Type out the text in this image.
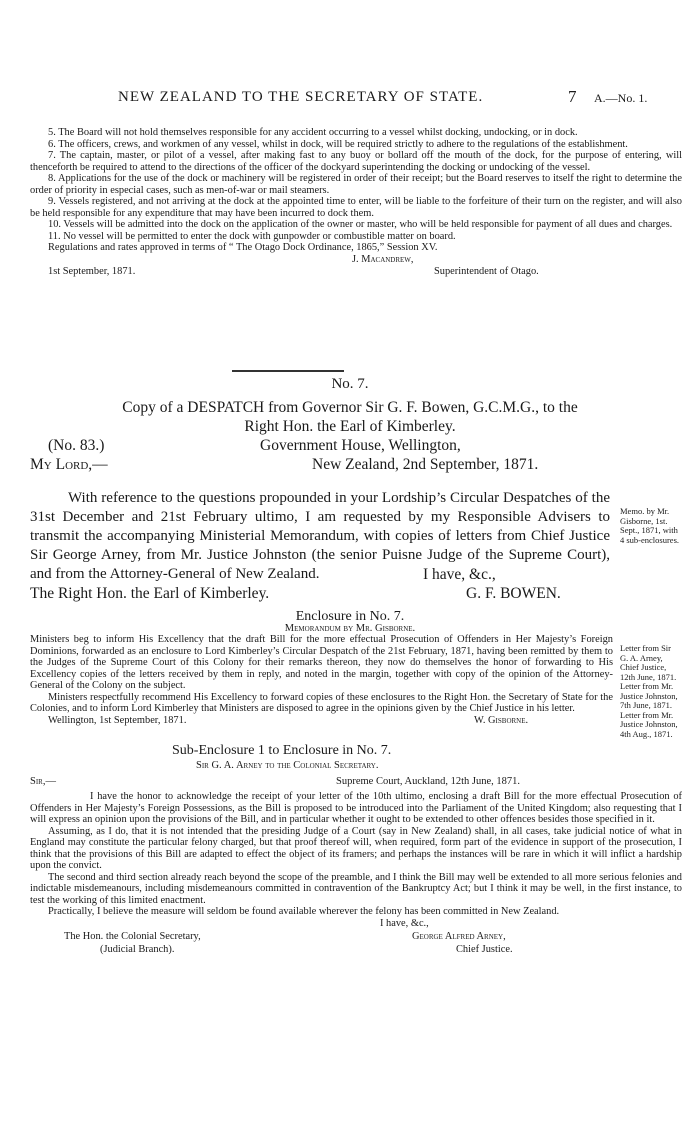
NEW ZEALAND TO THE SECRETARY OF STATE.	7 A.—No. 1.

5. The Board will not hold themselves responsible for any accident occurring to a vessel whilst docking, undocking, or in dock.

6. The officers, crews, and workmen of any vessel, whilst in dock, will be required strictly to adhere to the regulations of the establishment.

7. The captain, master, or pilot of a vessel, after making fast to any buoy or bollard off the mouth of the dock, for the purpose of entering, will thenceforth be required to attend to the directions of the officer of the dockyard superintending the docking or undocking of the vessel.

8. Applications for the use of the dock or machinery will be registered in order of their receipt; but the Board reserves to itself the right to determine the order of priority in especial cases, such as men-of-war or mail steamers.

9. Vessels registered, and not arriving at the dock at the appointed time to enter, will be liable to the forfeiture of their turn on the register, and will also be held responsible for any expenditure that may have been incurred to dock them.

10. Vessels will be admitted into the dock on the application of the owner or master, who will be held responsible for payment of all dues and charges.

11. No vessel will be permitted to enter the dock with gunpowder or combustible matter on board.

Regulations and rates approved in terms of “ The Otago Dock Ordinance, 1865,” Session XV.

J. Macandrew,
1st September, 1871.	Superintendent of Otago.
No. 7.
Copy of a DESPATCH from Governor Sir G. F. Bowen, G.C.M.G., to the
Right Hon. the Earl of Kimberley.
(No. 83.)	Government House, Wellington,
My Lord,—	New Zealand, 2nd September, 1871.

With reference to the questions propounded in your Lordship’s Circular Despatches of the 31st December and 21st February ultimo, I am requested by my Responsible Advisers to transmit the accompanying Ministerial Memorandum, with copies of letters from Chief Justice Sir George Arney, from Mr. Justice Johnston (the senior Puisne Judge of the Supreme Court), and from the Attorney-General of New Zealand.

Memo. by Mr.
Gisborne, 1st.
Sept., 1871, with
4 sub-enclosures.
I have, &c.,
The Right Hon. the Earl of Kimberley.	G. F. BOWEN.
Enclosure in No. 7.
Memorandum by Mr. Gisborne.

Ministers beg to inform His Excellency that the draft Bill for the more effectual Prosecution of Offenders in Her Majesty’s Foreign Dominions, forwarded as an enclosure to Lord Kimberley’s Circular Despatch of the 21st February, 1871, having been remitted by them to the Judges of the Supreme Court of this Colony for their remarks thereon, they now do themselves the honor of forwarding to His Excellency copies of the letters received by them in reply, and noted in the margin, together with copy of the opinion of the Attorney-General of the Colony on the subject.

Ministers respectfully recommend His Excellency to forward copies of these enclosures to the Right Hon. the Secretary of State for the Colonies, and to inform Lord Kimberley that Ministers are disposed to agree in the opinions given by the Chief Justice in his letter.

Wellington, 1st September, 1871.	W. Gisborne.
Letter from Sir
G. A. Arney,
Chief Justice,
12th June, 1871.
Letter from Mr.
Justice Johnston,
7th June, 1871.
Letter from Mr.
Justice Johnston,
4th Aug., 1871.
Sub-Enclosure 1 to Enclosure in No. 7.
Sir G. A. Arney to the Colonial Secretary.
Sir,—	Supreme Court, Auckland, 12th June, 1871.

I have the honor to acknowledge the receipt of your letter of the 10th ultimo, enclosing a draft Bill for the more effectual Prosecution of Offenders in Her Majesty’s Foreign Possessions, as the Bill is proposed to be introduced into the Parliament of the United Kingdom; also requesting that I will express an opinion upon the provisions of the Bill, and in particular whether it ought to be extended to other offences besides those specified in it.

Assuming, as I do, that it is not intended that the presiding Judge of a Court (say in New Zealand) shall, in all cases, take judicial notice of what in England may constitute the particular felony charged, but that proof thereof will, when required, form part of the evidence in support of the prosecution, I think that the provisions of this Bill are adapted to effect the object of its framers; and perhaps the instances will be rare in which it will inflict a hardship upon the convict.

The second and third section already reach beyond the scope of the preamble, and I think the Bill may well be extended to all more serious felonies and indictable misdemeanours, including misdemeanours committed in contravention of the Bankruptcy Act; but I think it may be well, in the first instance, to test the working of this limited enactment.

Practically, I believe the measure will seldom be found available wherever the felony has been committed in New Zealand.

I have, &c.,
The Hon. the Colonial Secretary,	George Alfred Arney,
(Judicial Branch).	Chief Justice.
